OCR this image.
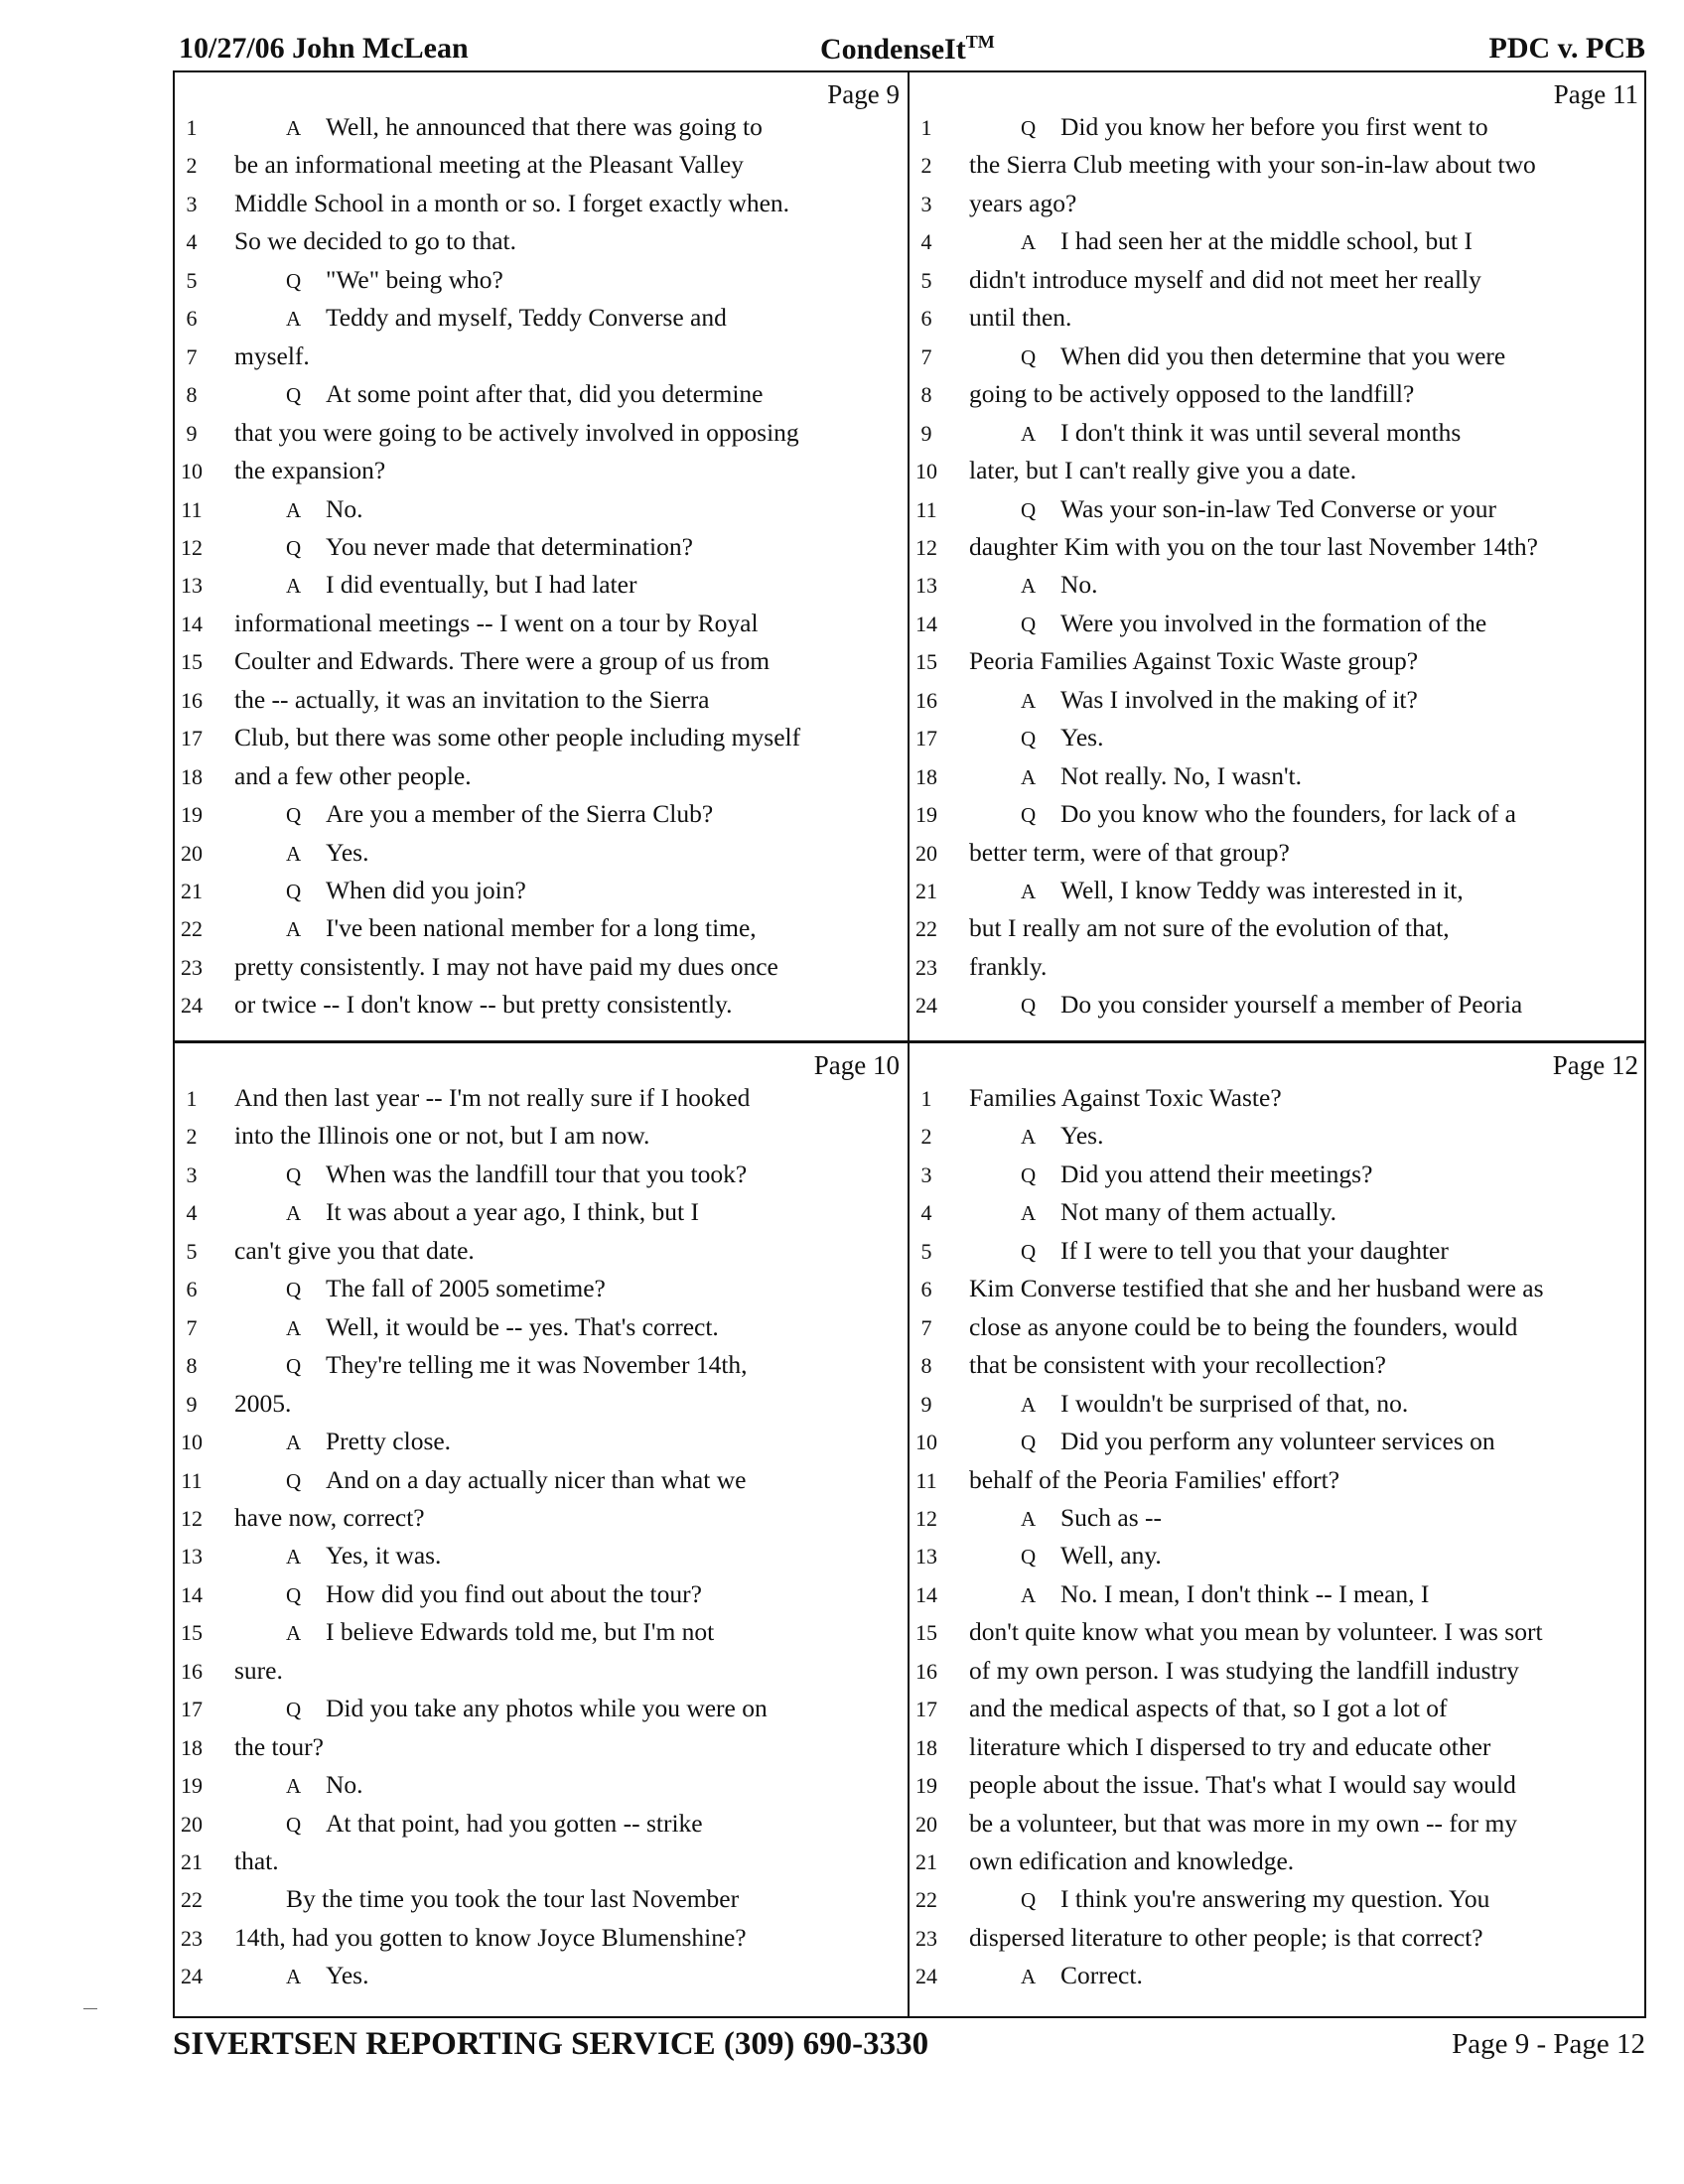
10/27/06 John McLean	CondenseIt™	PDC v. PCB
Page 9
1	A Well, he announced that there was going to
2	be an informational meeting at the Pleasant Valley
3	Middle School in a month or so. I forget exactly when.
4	So we decided to go to that.
5	Q "We" being who?
6	A Teddy and myself, Teddy Converse and
7	myself.
8	Q At some point after that, did you determine
9	that you were going to be actively involved in opposing
10 the expansion?
11	A No.
12	Q You never made that determination?
13	A I did eventually, but I had later
14 informational meetings -- I went on a tour by Royal
15 Coulter and Edwards. There were a group of us from
16 the -- actually, it was an invitation to the Sierra
17 Club, but there was some other people including myself
18 and a few other people.
19	Q Are you a member of the Sierra Club?
20	A Yes.
21	Q When did you join?
22	A I've been national member for a long time,
23 pretty consistently. I may not have paid my dues once
24 or twice -- I don't know -- but pretty consistently.
Page 11
1	Q Did you know her before you first went to
2	the Sierra Club meeting with your son-in-law about two
3	years ago?
4	A I had seen her at the middle school, but I
5	didn't introduce myself and did not meet her really
6	until then.
7	Q When did you then determine that you were
8	going to be actively opposed to the landfill?
9	A I don't think it was until several months
10 later, but I can't really give you a date.
11	Q Was your son-in-law Ted Converse or your
12 daughter Kim with you on the tour last November 14th?
13	A No.
14	Q Were you involved in the formation of the
15 Peoria Families Against Toxic Waste group?
16	A Was I involved in the making of it?
17	Q Yes.
18	A Not really. No, I wasn't.
19	Q Do you know who the founders, for lack of a
20 better term, were of that group?
21	A Well, I know Teddy was interested in it,
22 but I really am not sure of the evolution of that,
23 frankly.
24	Q Do you consider yourself a member of Peoria
Page 10
1	And then last year -- I'm not really sure if I hooked
2	into the Illinois one or not, but I am now.
3	Q When was the landfill tour that you took?
4	A It was about a year ago, I think, but I
5	can't give you that date.
6	Q The fall of 2005 sometime?
7	A Well, it would be -- yes. That's correct.
8	Q They're telling me it was November 14th,
9	2005.
10	A Pretty close.
11	Q And on a day actually nicer than what we
12 have now, correct?
13	A Yes, it was.
14	Q How did you find out about the tour?
15	A I believe Edwards told me, but I'm not
16 sure.
17	Q Did you take any photos while you were on
18 the tour?
19	A No.
20	Q At that point, had you gotten -- strike
21 that.
22	By the time you took the tour last November
23 14th, had you gotten to know Joyce Blumenshine?
24	A Yes.
Page 12
1	Families Against Toxic Waste?
2	A Yes.
3	Q Did you attend their meetings?
4	A Not many of them actually.
5	Q If I were to tell you that your daughter
6	Kim Converse testified that she and her husband were as
7	close as anyone could be to being the founders, would
8	that be consistent with your recollection?
9	A I wouldn't be surprised of that, no.
10	Q Did you perform any volunteer services on
11 behalf of the Peoria Families' effort?
12	A Such as --
13	Q Well, any.
14	A No. I mean, I don't think -- I mean, I
15 don't quite know what you mean by volunteer. I was sort
16 of my own person. I was studying the landfill industry
17 and the medical aspects of that, so I got a lot of
18 literature which I dispersed to try and educate other
19 people about the issue. That's what I would say would
20 be a volunteer, but that was more in my own -- for my
21 own edification and knowledge.
22	Q I think you're answering my question. You
23 dispersed literature to other people; is that correct?
24	A Correct.
SIVERTSEN REPORTING SERVICE (309) 690-3330	Page 9 - Page 12
